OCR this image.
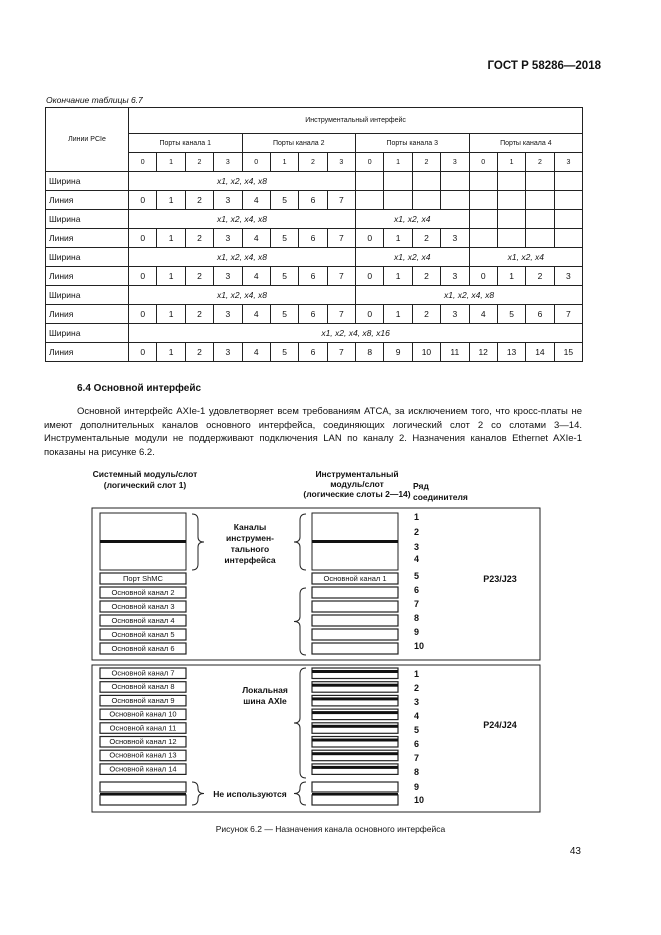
ГОСТ Р 58286—2018
Окончание таблицы 6.7
Линии PCIe	Инструментальный интерфейс															
	Порты канала 1				Порты канала 2				Порты канала 3				Порты канала 4			
	0	1	2	3	0	1	2	3	0	1	2	3	0	1	2	3
Ширина	x1, x2, x4, x8															
Линия	0	1	2	3	4	5	6	7								
Ширина	x1, x2, x4, x8								x1, x2, x4							
Линия	0	1	2	3	4	5	6	7	0	1	2	3				
Ширина	x1, x2, x4, x8								x1, x2, x4				x1, x2, x4			
Линия	0	1	2	3	4	5	6	7	0	1	2	3	0	1	2	3
Ширина	x1, x2, x4, x8								x1, x2, x4, x8							
Линия	0	1	2	3	4	5	6	7	0	1	2	3	4	5	6	7
Ширина	x1, x2, x4, x8, x16															
Линия	0	1	2	3	4	5	6	7	8	9	10	11	12	13	14	15
6.4 Основной интерфейс

Основной интерфейс AXIe-1 удовлетворяет всем требованиям ATCA, за исключением того, что кросс-платы не имеют дополнительных каналов основного интерфейса, соединяющих логический слот 2 со слотами 3—14. Инструментальные модули не поддерживают подключения LAN по каналу 2. Назначения каналов Ethernet AXIe-1 показаны на рисунке 6.2.

Системный модуль/слот
(логический слот 1)
Инструментальный
модуль/слот
(логические слоты 2—14)
Ряд
соединителя
Каналы
инструмен-
тального
интерфейса
Порт ShMC	Основной канал 1
Основной канал 2
Основной канал 3
Основной канал 4
Основной канал 5
Основной канал 6
1
2
3
4
5
6
7
8
9
10
P23/J23
Основной канал 7
Основной канал 8
Основной канал 9
Основной канал 10
Основной канал 11
Основной канал 12
Основной канал 13
Основной канал 14
Локальная
шина AXIe
Не используются
1
2
3
4
5
6
7
8
9
10
P24/J24
Рисунок 6.2 — Назначения канала основного интерфейса
43
